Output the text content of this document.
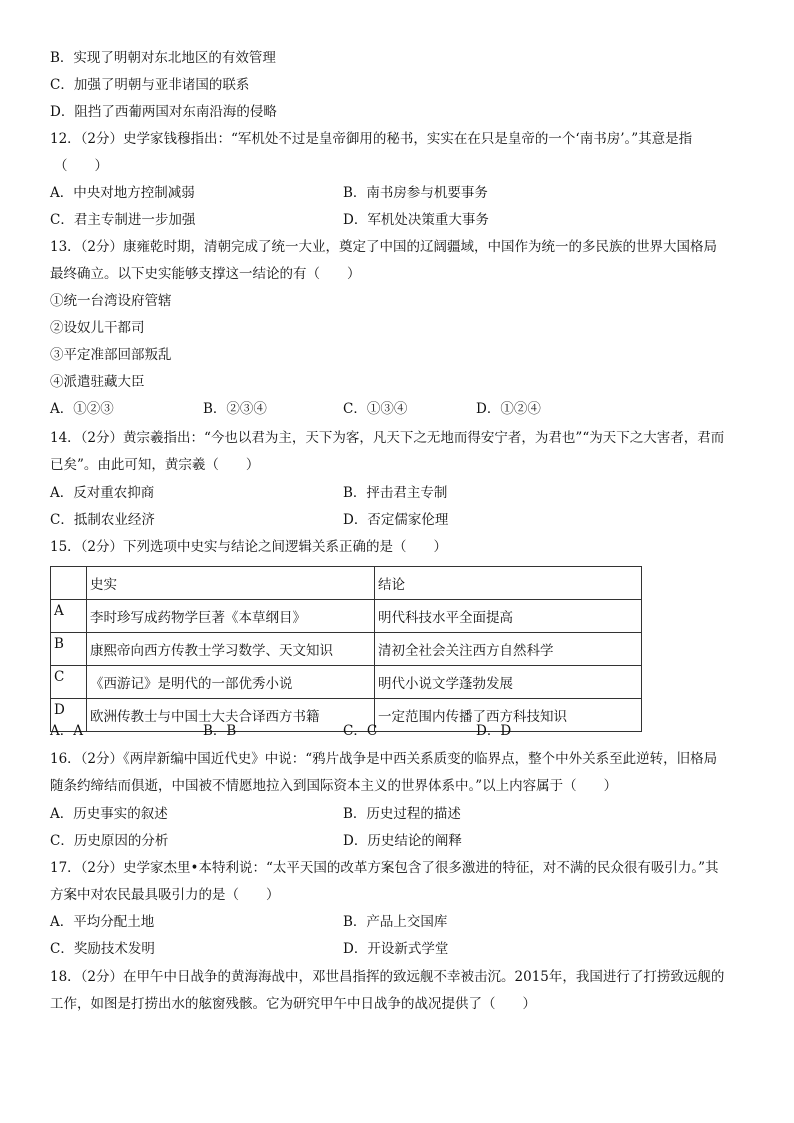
B．实现了明朝对东北地区的有效管理
C．加强了明朝与亚非诸国的联系
D．阻挡了西葡两国对东南沿海的侵略
12．（2分）史学家钱穆指出：“军机处不过是皇帝御用的秘书，实实在在只是皇帝的一个‘南书房’。”其意是指
（　　）
A．中央对地方控制减弱	B．南书房参与机要事务
C．君主专制进一步加强	D．军机处决策重大事务
13．（2分）康雍乾时期，清朝完成了统一大业，奠定了中国的辽阔疆域，中国作为统一的多民族的世界大国格局
最终确立。以下史实能够支撑这一结论的有（　　）
①统一台湾设府管辖
②设奴儿干都司
③平定准部回部叛乱
④派遣驻藏大臣
A．①②③	B．②③④	C．①③④	D．①②④
14．（2分）黄宗羲指出：“今也以君为主，天下为客，凡天下之无地而得安宁者，为君也”“为天下之大害者，君而
已矣”。由此可知，黄宗羲（　　）
A．反对重农抑商	B．抨击君主专制
C．抵制农业经济	D．否定儒家伦理
15．（2分）下列选项中史实与结论之间逻辑关系正确的是（　　）
	史实	结论
A	李时珍写成药物学巨著《本草纲目》	明代科技水平全面提高
B	康熙帝向西方传教士学习数学、天文知识	清初全社会关注西方自然科学
C	《西游记》是明代的一部优秀小说	明代小说文学蓬勃发展
D	欧洲传教士与中国士大夫合译西方书籍	一定范围内传播了西方科技知识
A．A	B．B	C．C	D．D
16．（2分）《两岸新编中国近代史》中说：“鸦片战争是中西关系质变的临界点，整个中外关系至此逆转，旧格局
随条约缔结而倶逝，中国被不情愿地拉入到国际资本主义的世界体系中。”以上内容属于（　　）
A．历史事实的叙述	B．历史过程的描述
C．历史原因的分析	D．历史结论的阐释
17．（2分）史学家杰里•本特利说：“太平天国的改革方案包含了很多激进的特征，对不满的民众很有吸引力。”其
方案中对农民最具吸引力的是（　　）
A．平均分配土地	B．产品上交国库
C．奖励技术发明	D．开设新式学堂
18．（2分）在甲午中日战争的黄海海战中，邓世昌指挥的致远舰不幸被击沉。2015年，我国进行了打捞致远舰的
工作，如图是打捞出水的舷窗残骸。它为研究甲午中日战争的战况提供了（　　）
